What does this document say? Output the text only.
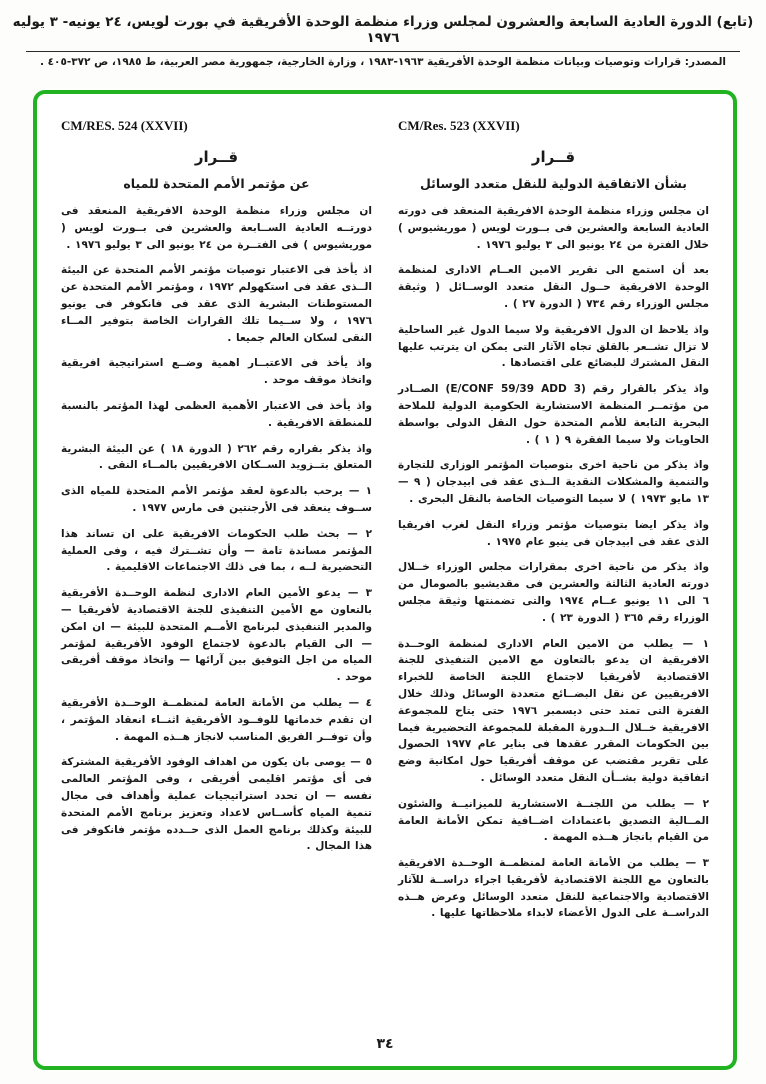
(تابع) الدورة العادية السابعة والعشرون لمجلس وزراء منظمة الوحدة الأفريقية في بورت لويس، ٢٤ يونيه- ٣ يوليه ١٩٧٦
المصدر: قرارات وتوصيات وبيانات منظمة الوحدة الأفريقية ١٩٦٣-١٩٨٣ ، وزارة الخارجية، جمهورية مصر العربية، ط ١٩٨٥، ص ٣٧٢-٤٠٥ .
CM/Res. 523 (XXVII)
قــرار
بشأن الاتفاقية الدولية للنقل متعدد الوسائل

ان مجلس وزراء منظمة الوحدة الافريقية المنعقد فى دورته العادية السابعة والعشرين فى بــورت لويس ( موريشيوس ) خلال الفترة من ٢٤ يونيو الى ٣ يوليو ١٩٧٦ .

بعد أن استمع الى تقرير الامين العــام الادارى لمنظمة الوحدة الافريقية حــول النقل متعدد الوســائل ( وثيقة مجلس الوزراء رقم ٧٣٤ ( الدورة ٢٧ ) .

واذ يلاحظ ان الدول الافريقية ولا سيما الدول غير الساحلية لا تزال تشــعر بالقلق تجاه الآثار التى يمكن ان يترتب عليها النقل المشترك للبضائع على اقتصادها .

واذ يذكر بالقرار رقم (E/CONF 59/39 ADD 3) الصــادر من مؤتمــر المنظمة الاستشارية الحكومية الدولية للملاحة البحرية التابعة للأمم المتحدة حول النقل الدولى بواسطة الحاويات ولا سيما الفقرة ٩ ( ١ ) .

واذ يذكر من ناحية اخرى بتوصيات المؤتمر الوزارى للتجارة والتنمية والمشكلات النقدية الــذى عقد فى ابيدجان ( ٩ — ١٣ مايو ١٩٧٣ ) لا سيما التوصيات الخاصة بالنقل البحرى .

واذ يذكر ايضا بتوصيات مؤتمر وزراء النقل لغرب افريقيا الذى عقد فى ابيدجان فى ينيو عام ١٩٧٥ .

واذ يذكر من ناحية اخرى بمقرارات مجلس الوزراء خــلال دورته العادية الثالثة والعشرين فى مقديشيو بالصومال من ٦ الى ١١ يونيو عــام ١٩٧٤ والتى تضمنتها وثيقة مجلس الوزراء رقم ٣٦٥ ( الدورة ٢٣ ) .

١ — يطلب من الامين العام الادارى لمنظمة الوحــدة الافريقية ان يدعو بالتعاون مع الامين التنفيذى للجنة الاقتصادية لأفريقيا لاجتماع اللجنة الخاصة للخبراء الافريقيين عن نقل البضــائع متعددة الوسائل وذلك خلال الفترة التى تمتد حتى ديسمبر ١٩٧٦ حتى يتاح للمجموعة الافريقية خــلال الــدورة المقبلة للمجموعة التحضيرية فيما بين الحكومات المقرر عقدها فى يناير عام ١٩٧٧ الحصول على تقرير مقتضب عن موقف أفريقيا حول امكانية وضع اتفاقية دولية بشــأن النقل متعدد الوسائل .

٢ — يطلب من اللجنــة الاستشارية للميزانيــة والشئون المــالية التصديق باعتمادات اضــافية تمكن الأمانة العامة من القيام بانجاز هــذه المهمة .

٣ — يطلب من الأمانة العامة لمنظمــة الوحــدة الافريقية بالتعاون مع اللجنة الاقتصادية لأفريقيا اجراء دراســة للآثار الاقتصادية والاجتماعية للنقل متعدد الوسائل وعرض هــذه الدراســة على الدول الأعضاء لابداء ملاحظاتها عليها .

CM/RES. 524 (XXVII)
قــرار
عن مؤتمر الأمم المتحدة للمياه

ان مجلس وزراء منظمة الوحدة الافريقية المنعقد فى دورتــه العادية الســابعة والعشرين فى بــورت لويس ( موريشيوس ) فى الفتــرة من ٢٤ يونيو الى ٣ يوليو ١٩٧٦ .

اذ يأخذ فى الاعتبار توصيات مؤتمر الأمم المتحدة عن البيئة الــذى عقد فى استكهولم ١٩٧٢ ، ومؤتمر الأمم المتحدة عن المستوطنات البشرية الذى عقد فى فانكوفر فى يونيو ١٩٧٦ ، ولا ســيما تلك القرارات الخاصة بتوفير المــاء النقى لسكان العالم جميعا .

واذ يأخذ فى الاعتبــار اهمية وضــع استراتيجية افريقية واتخاذ موقف موحد .

واذ يأخذ فى الاعتبار الأهمية العظمى لهذا المؤتمر بالنسبة للمنطقة الافريقية .

واذ يذكر بقراره رقم ٢٦٢ ( الدورة ١٨ ) عن البيئة البشرية المتعلق بتــزويد الســكان الافريقيين بالمــاء النقى .

١ — يرحب بالدعوة لعقد مؤتمر الأمم المتحدة للمياه الذى ســوف ينعقد فى الأرجنتين فى مارس ١٩٧٧ .

٢ — بحث طلب الحكومات الافريقية على ان تساند هذا المؤتمر مساندة تامة — وأن تشــترك فيه ، وفى العملية التحضيرية لــه ، بما فى ذلك الاجتماعات الاقليمية .

٣ — يدعو الأمين العام الادارى لنظمة الوحــدة الأفريقية بالتعاون مع الأمين التنفيذى للجنة الاقتصادية لأفريقيا — والمدير التنفيذى لبرنامج الأمــم المتحدة للبيئة — ان امكن — الى القيام بالدعوة لاجتماع الوفود الأفريقية لمؤتمر المياه من اجل التوفيق بين آرائها — واتخاذ موقف أفريقى موحد .

٤ — يطلب من الأمانة العامة لمنظمــة الوحــدة الأفريقية ان تقدم خدماتها للوفــود الأفريقية اثنــاء انعقاد المؤتمر ، وأن توفــر الفريق المناسب لانجاز هــذه المهمة .

٥ — يوصى بان يكون من اهداف الوفود الأفريقية المشتركة فى أى مؤتمر اقليمى أفريقى ، وفى المؤتمر العالمى نفسه — ان تحدد استراتيجيات عملية وأهداف فى مجال تنمية المياه كأســاس لاعداد وتعزيز برنامج الأمم المتحدة للبيئة وكذلك برنامج العمل الذى حــدده مؤتمر فانكوفر فى هذا المجال .

٣٤
